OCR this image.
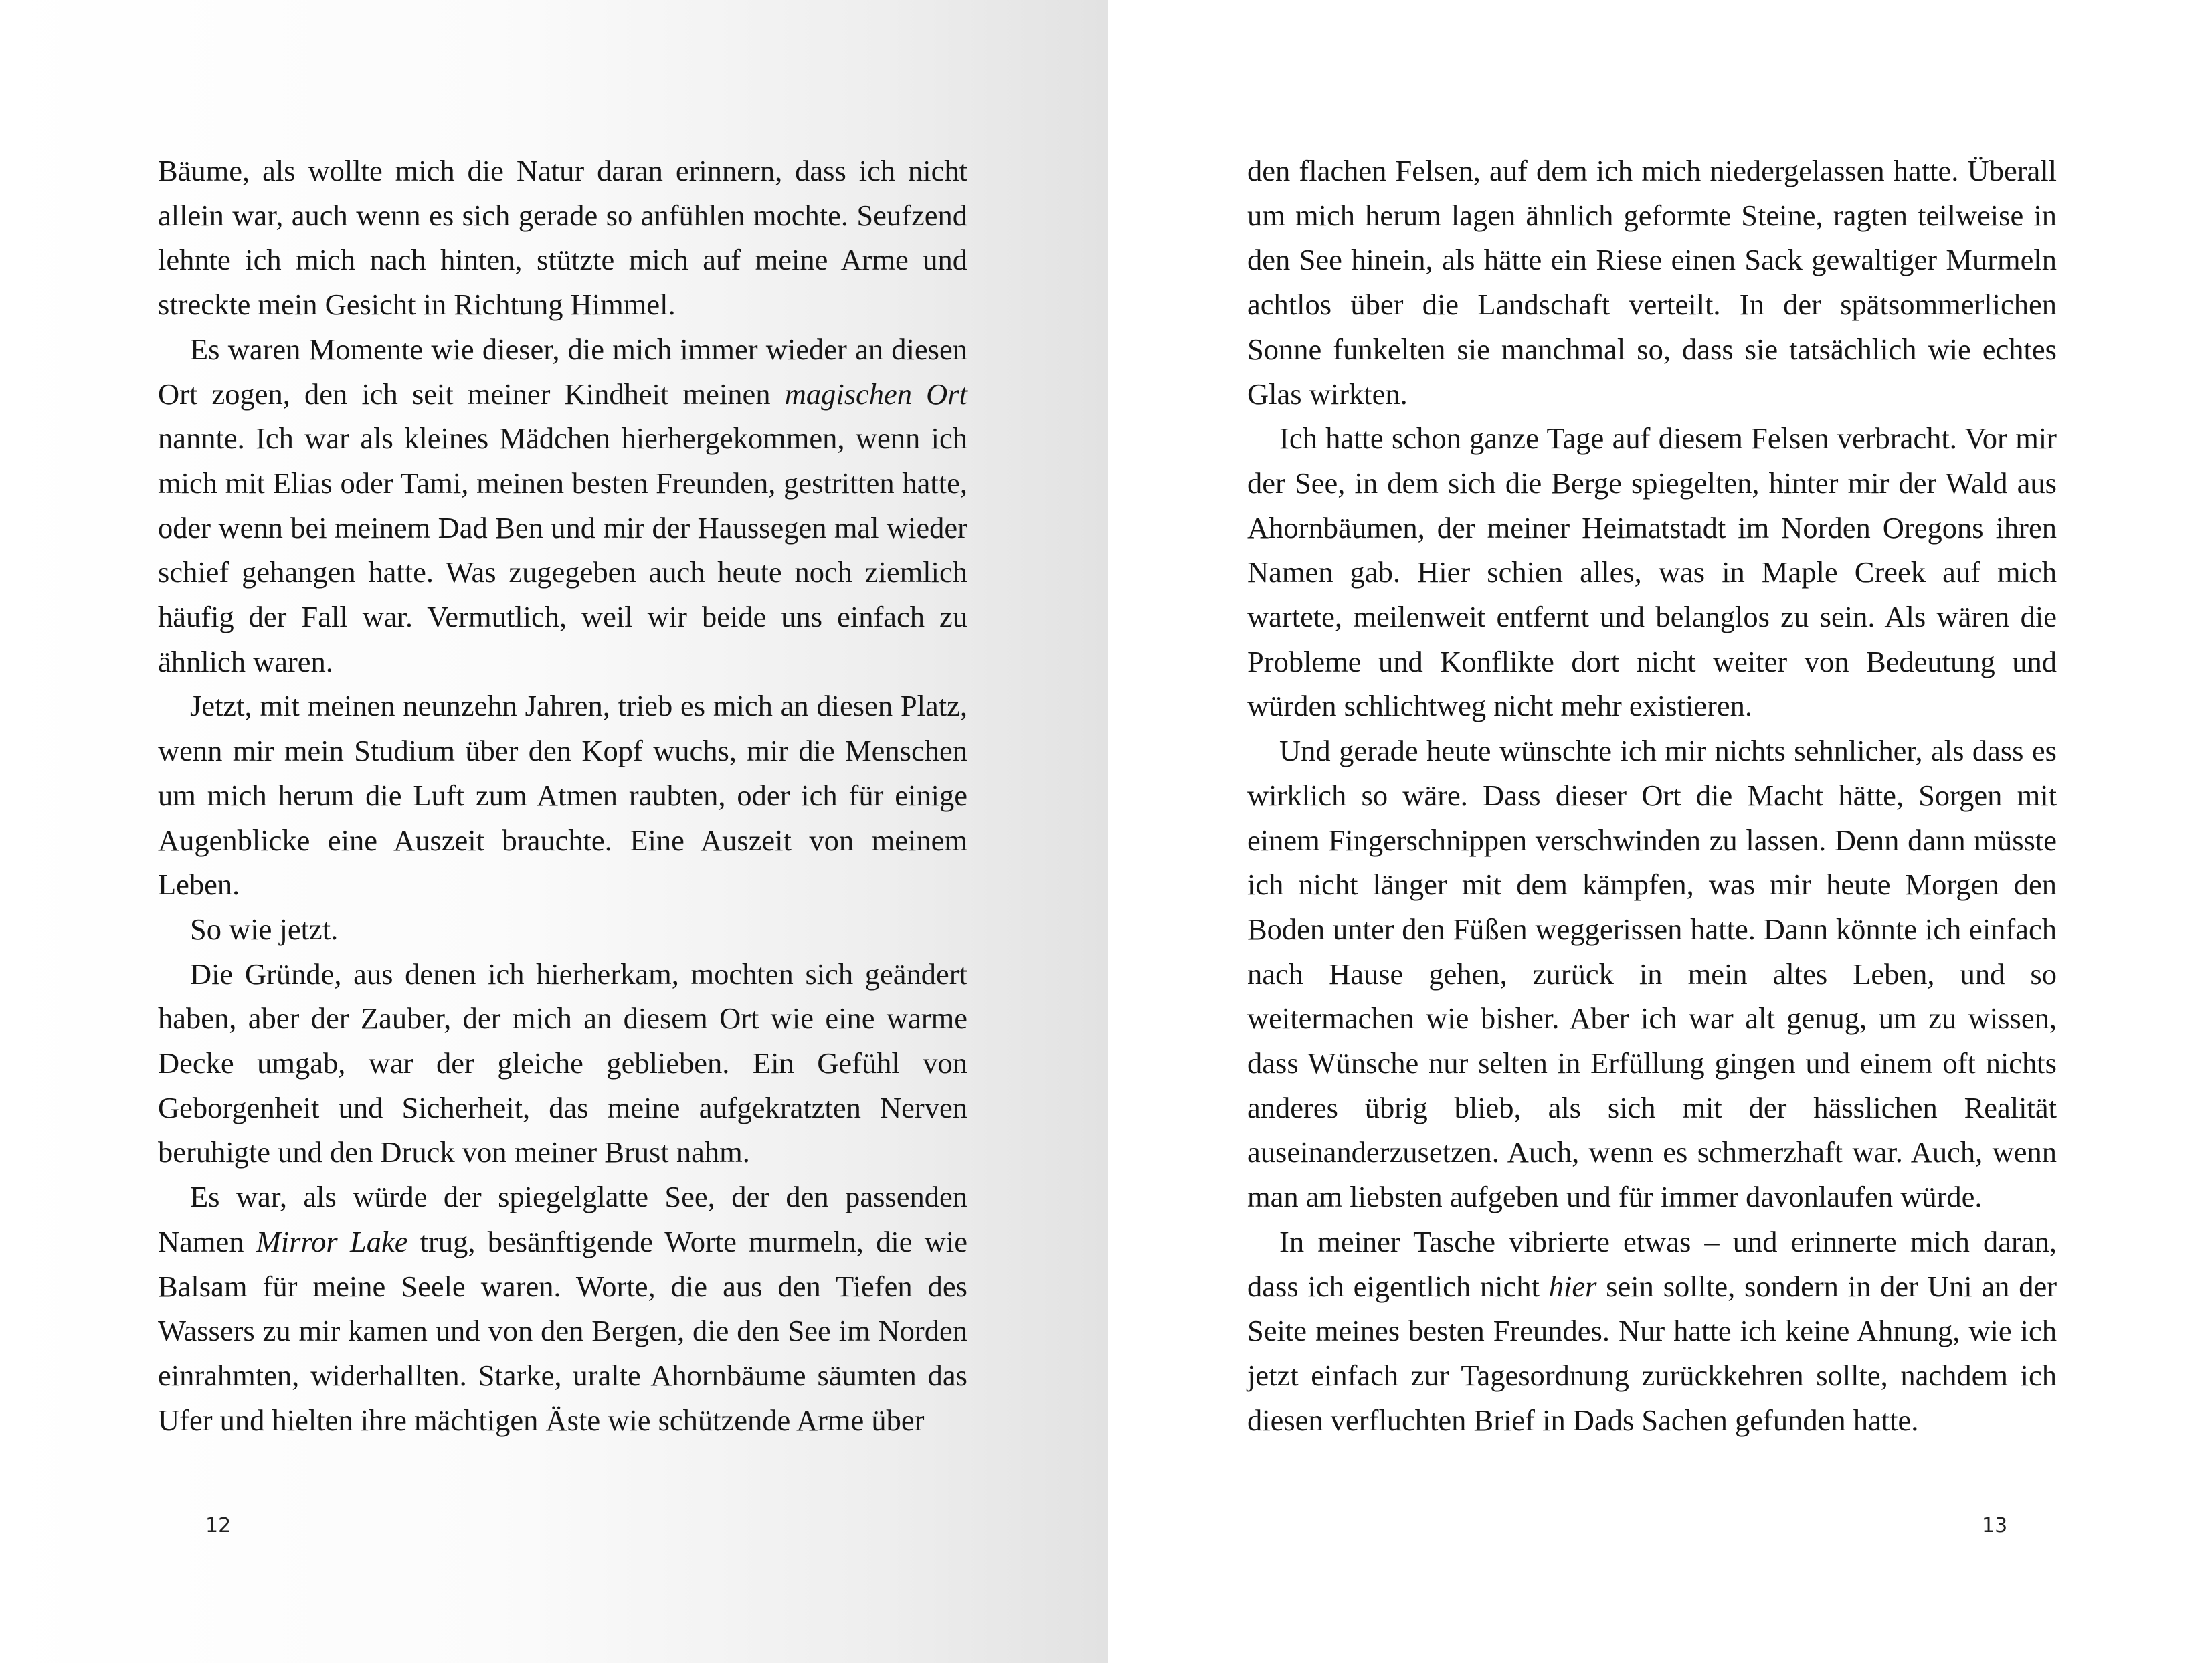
Bäume, als wollte mich die Natur daran erinnern, dass ich nicht allein war, auch wenn es sich gerade so anfühlen mochte. Seufzend lehnte ich mich nach hinten, stützte mich auf meine Arme und streckte mein Gesicht in Richtung Himmel.

Es waren Momente wie dieser, die mich immer wieder an diesen Ort zogen, den ich seit meiner Kindheit meinen magischen Ort nannte. Ich war als kleines Mädchen hierhergekommen, wenn ich mich mit Elias oder Tami, meinen besten Freunden, gestritten hatte, oder wenn bei meinem Dad Ben und mir der Haussegen mal wieder schief gehangen hatte. Was zugegeben auch heute noch ziemlich häufig der Fall war. Vermutlich, weil wir beide uns einfach zu ähnlich waren.

Jetzt, mit meinen neunzehn Jahren, trieb es mich an diesen Platz, wenn mir mein Studium über den Kopf wuchs, mir die Menschen um mich herum die Luft zum Atmen raubten, oder ich für einige Augenblicke eine Auszeit brauchte. Eine Auszeit von meinem Leben.

So wie jetzt.

Die Gründe, aus denen ich hierherkam, mochten sich geändert haben, aber der Zauber, der mich an diesem Ort wie eine warme Decke umgab, war der gleiche geblieben. Ein Gefühl von Geborgenheit und Sicherheit, das meine aufgekratzten Nerven beruhigte und den Druck von meiner Brust nahm.

Es war, als würde der spiegelglatte See, der den passenden Namen Mirror Lake trug, besänftigende Worte murmeln, die wie Balsam für meine Seele waren. Worte, die aus den Tiefen des Wassers zu mir kamen und von den Bergen, die den See im Norden einrahmten, widerhallten. Starke, uralte Ahornbäume säumten das Ufer und hielten ihre mächtigen Äste wie schützende Arme über

12

den flachen Felsen, auf dem ich mich niedergelassen hatte. Überall um mich herum lagen ähnlich geformte Steine, ragten teilweise in den See hinein, als hätte ein Riese einen Sack gewaltiger Murmeln achtlos über die Landschaft verteilt. In der spätsommerlichen Sonne funkelten sie manchmal so, dass sie tatsächlich wie echtes Glas wirkten.

Ich hatte schon ganze Tage auf diesem Felsen verbracht. Vor mir der See, in dem sich die Berge spiegelten, hinter mir der Wald aus Ahornbäumen, der meiner Heimatstadt im Norden Oregons ihren Namen gab. Hier schien alles, was in Maple Creek auf mich wartete, meilenweit entfernt und belanglos zu sein. Als wären die Probleme und Konflikte dort nicht weiter von Bedeutung und würden schlichtweg nicht mehr existieren.

Und gerade heute wünschte ich mir nichts sehnlicher, als dass es wirklich so wäre. Dass dieser Ort die Macht hätte, Sorgen mit einem Fingerschnippen verschwinden zu lassen. Denn dann müsste ich nicht länger mit dem kämpfen, was mir heute Morgen den Boden unter den Füßen weggerissen hatte. Dann könnte ich einfach nach Hause gehen, zurück in mein altes Leben, und so weitermachen wie bisher. Aber ich war alt genug, um zu wissen, dass Wünsche nur selten in Erfüllung gingen und einem oft nichts anderes übrig blieb, als sich mit der hässlichen Realität auseinanderzusetzen. Auch, wenn es schmerzhaft war. Auch, wenn man am liebsten aufgeben und für immer davonlaufen würde.

In meiner Tasche vibrierte etwas – und erinnerte mich daran, dass ich eigentlich nicht hier sein sollte, sondern in der Uni an der Seite meines besten Freundes. Nur hatte ich keine Ahnung, wie ich jetzt einfach zur Tagesordnung zurückkehren sollte, nachdem ich diesen verfluchten Brief in Dads Sachen gefunden hatte.

13
